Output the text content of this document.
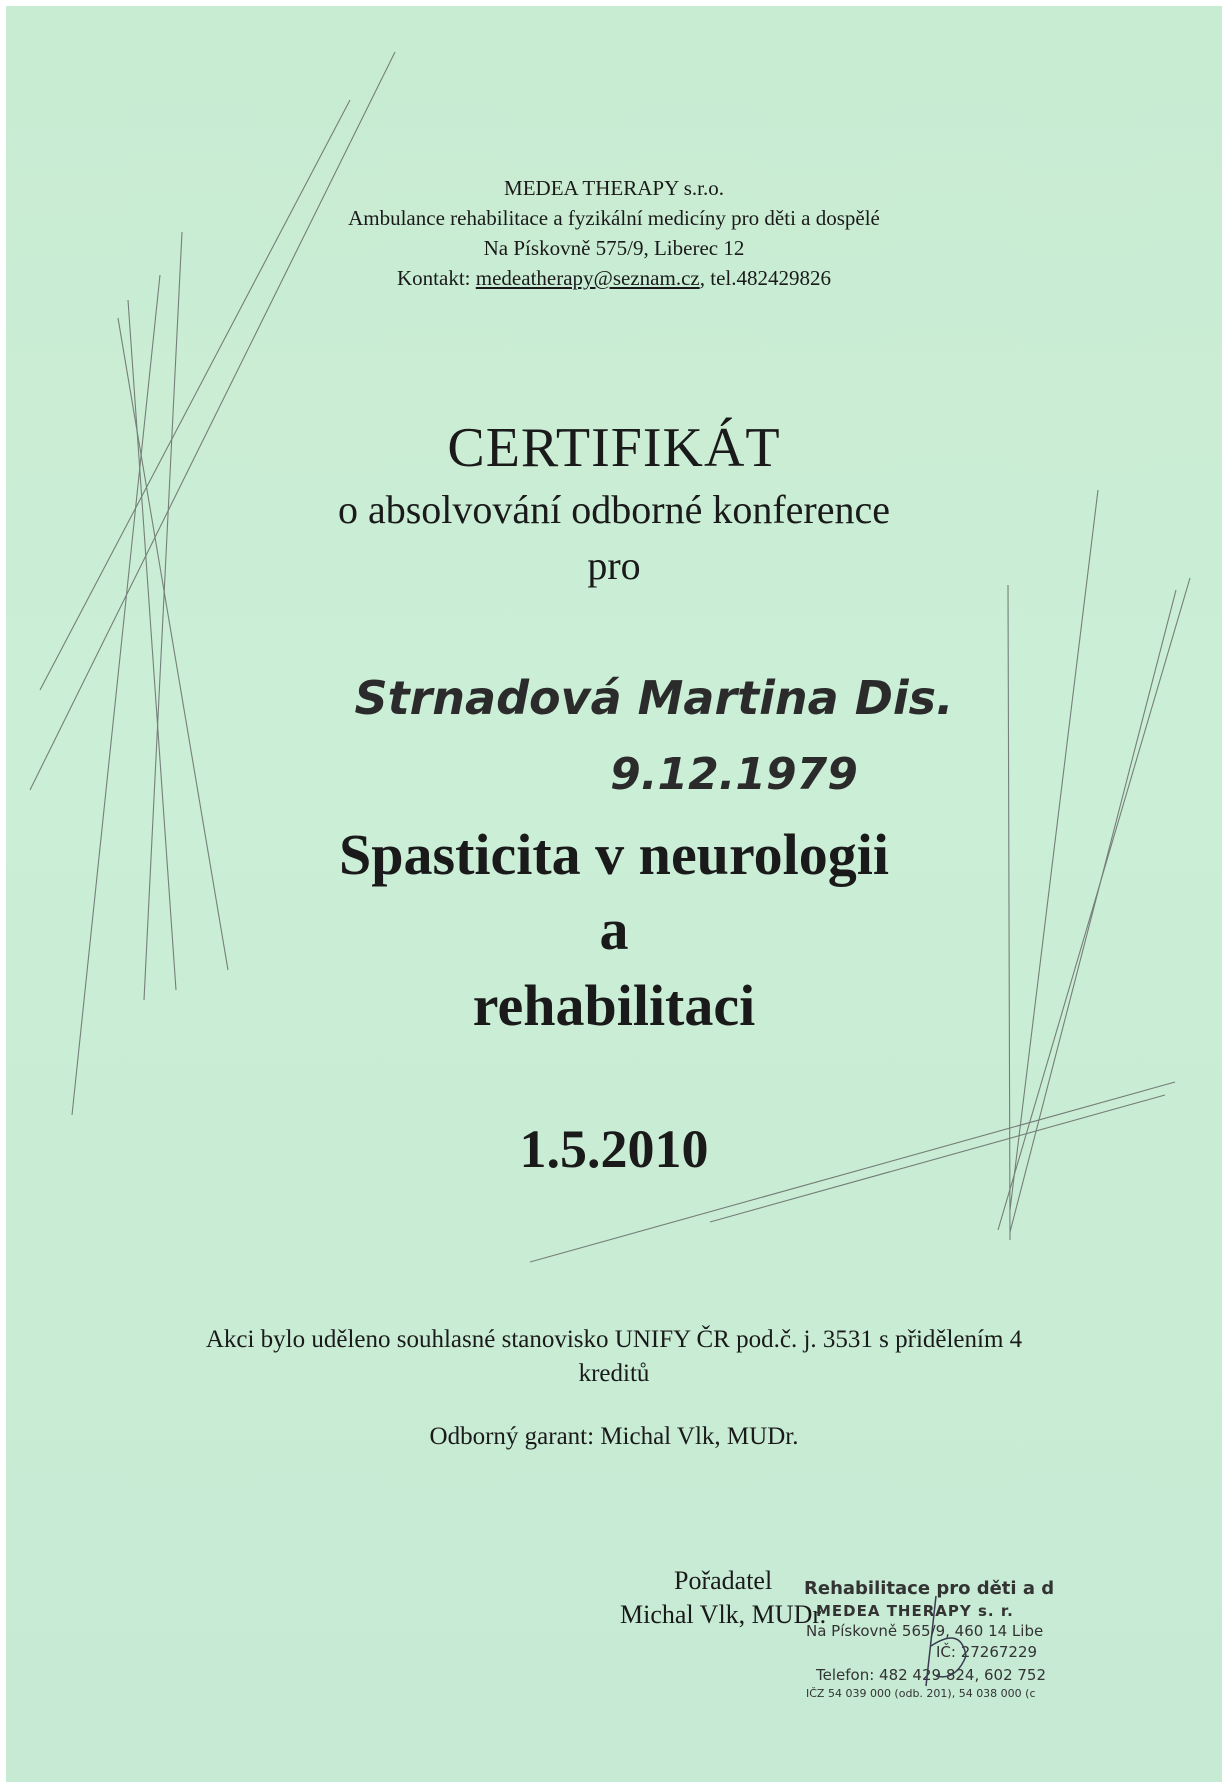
MEDEA THERAPY s.r.o.
Ambulance rehabilitace a fyzikální medicíny pro děti a dospělé
Na Pískovně 575/9, Liberec 12
Kontakt: medeatherapy@seznam.cz, tel.482429826
CERTIFIKÁT
o absolvování odborné konference
pro
Strnadová Martina Dis.
9.12.1979
Spasticita v neurologii
a
rehabilitaci
1.5.2010
Akci bylo uděleno souhlasné stanovisko UNIFY ČR pod.č. j. 3531 s přidělením 4
kreditů
Odborný garant: Michal Vlk, MUDr.
Pořadatel
Michal Vlk, MUDr.
Rehabilitace pro děti a d
MEDEA THERAPY s. r.
Na Pískovně 565/9, 460 14 Libe
IČ: 27267229
Telefon: 482 429 824, 602 752
IČZ 54 039 000 (odb. 201), 54 038 000 (c
